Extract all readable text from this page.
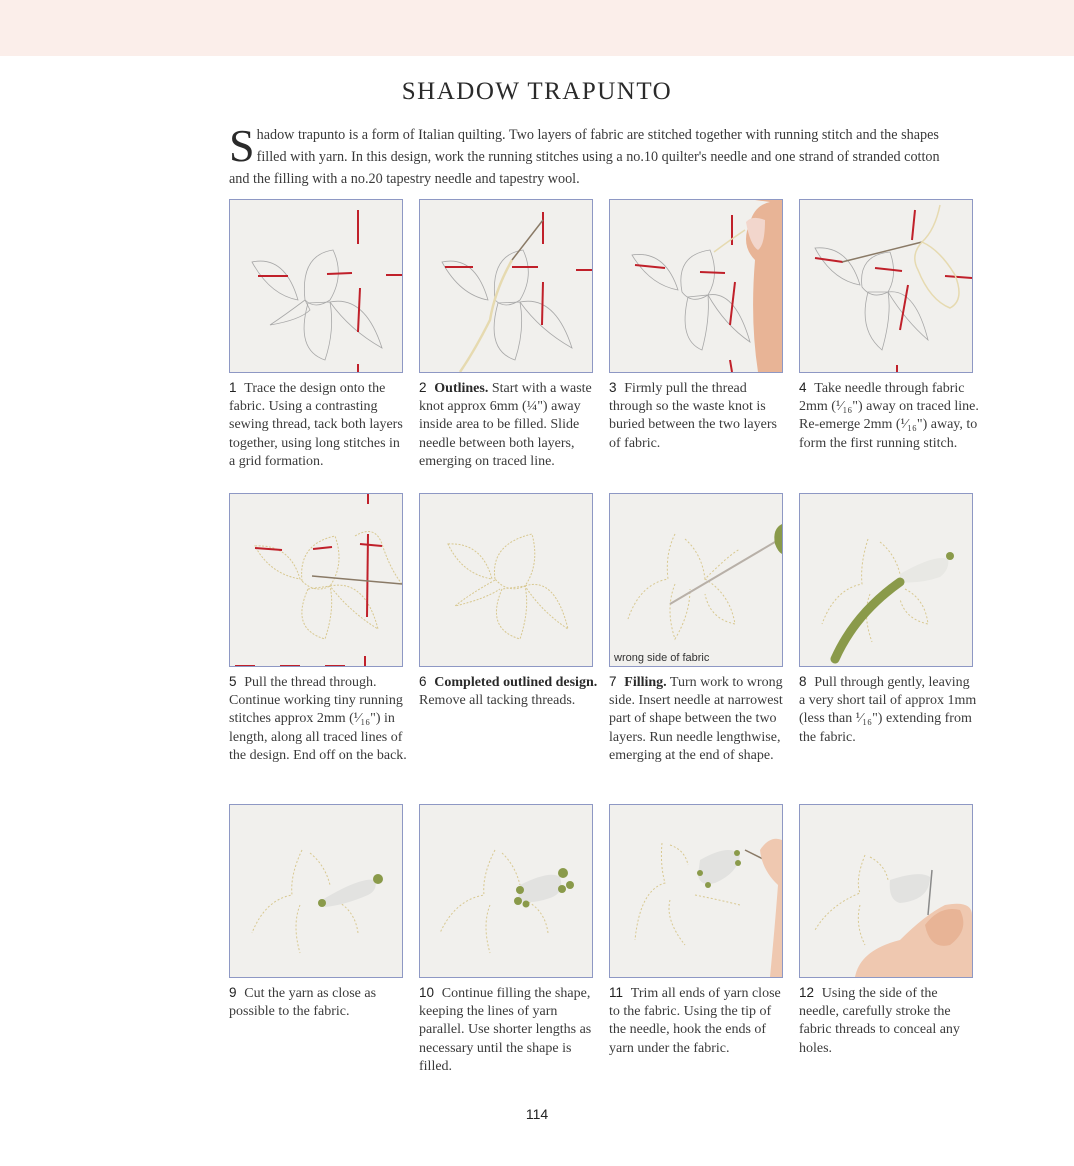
SHADOW TRAPUNTO
Shadow trapunto is a form of Italian quilting. Two layers of fabric are stitched together with running stitch and the shapes filled with yarn. In this design, work the running stitches using a no.10 quilter's needle and one strand of stranded cotton and the filling with a no.20 tapestry needle and tapestry wool.
1 Trace the design onto the fabric. Using a contrasting sewing thread, tack both layers together, using long stitches in a grid formation.
2 Outlines. Start with a waste knot approx 6mm (¼") away inside area to be filled. Slide needle between both layers, emerging on traced line.
3 Firmly pull the thread through so the waste knot is buried between the two layers of fabric.
4 Take needle through fabric 2mm (¹⁄₁₆") away on traced line. Re-emerge 2mm (¹⁄₁₆") away, to form the first running stitch.
5 Pull the thread through. Continue working tiny running stitches approx 2mm (¹⁄₁₆") in length, along all traced lines of the design. End off on the back.
6 Completed outlined design. Remove all tacking threads.
wrong side of fabric
7 Filling. Turn work to wrong side. Insert needle at narrowest part of shape between the two layers. Run needle lengthwise, emerging at the end of shape.
8 Pull through gently, leaving a very short tail of approx 1mm (less than ¹⁄₁₆") extending from the fabric.
9 Cut the yarn as close as possible to the fabric.
10 Continue filling the shape, keeping the lines of yarn parallel. Use shorter lengths as necessary until the shape is filled.
11 Trim all ends of yarn close to the fabric. Using the tip of the needle, hook the ends of yarn under the fabric.
12 Using the side of the needle, carefully stroke the fabric threads to conceal any holes.
114
